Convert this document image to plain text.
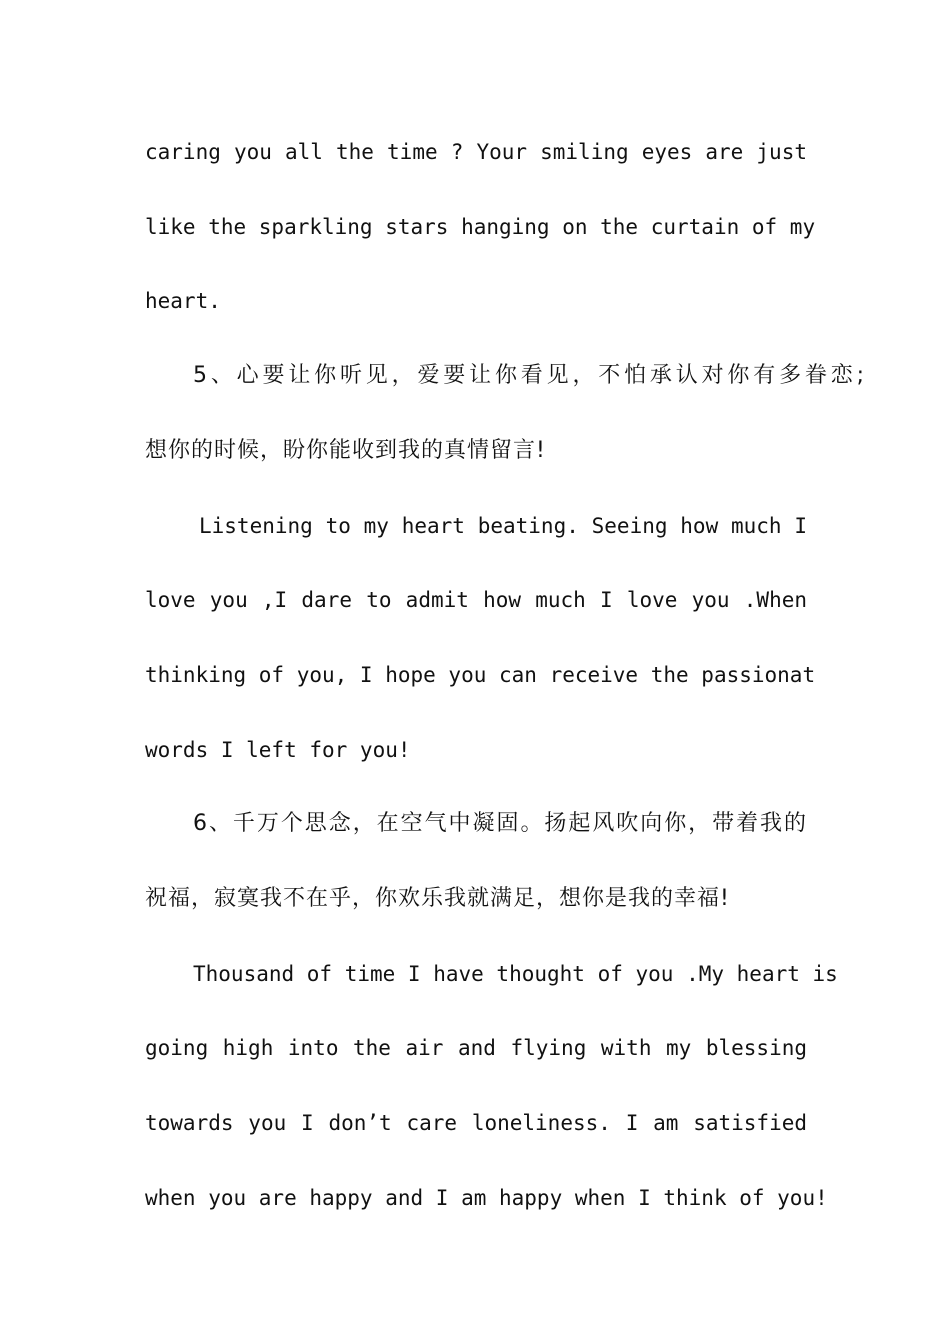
caring you all the time ? Your smiling eyes are just

like the sparkling stars hanging on the curtain of my

heart.

5、心要让你听见，爱要让你看见，不怕承认对你有多眷恋;

想你的时候，盼你能收到我的真情留言!

Listening to my heart beating. Seeing how much I

love you ,I dare to admit how much I love you .When

thinking of you, I hope you can receive the passionat

words I left for you!

6、千万个思念，在空气中凝固。扬起风吹向你，带着我的

祝福，寂寞我不在乎，你欢乐我就满足，想你是我的幸福!

Thousand of time I have thought of you .My heart is

going high into the air and flying with my blessing

towards you I don’t care loneliness. I am satisfied

when you are happy and I am happy when I think of you!
